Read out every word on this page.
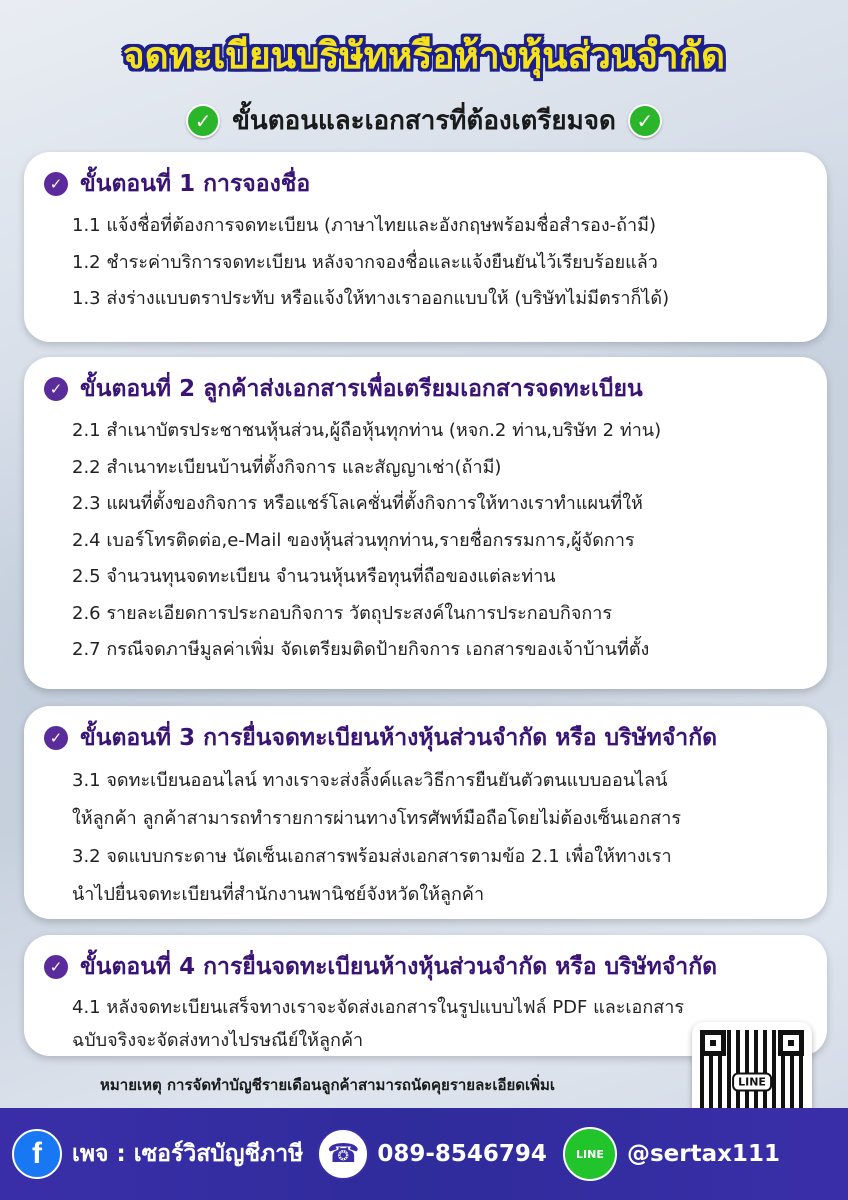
จดทะเบียนบริษัทหรือห้างหุ้นส่วนจำกัด
✓ ขั้นตอนและเอกสารที่ต้องเตรียมจด	✓
✓ ขั้นตอนที่ 1 การจองชื่อ
1.1 แจ้งชื่อที่ต้องการจดทะเบียน (ภาษาไทยและอังกฤษพร้อมชื่อสำรอง-ถ้ามี)
1.2 ชำระค่าบริการจดทะเบียน หลังจากจองชื่อและแจ้งยืนยันไว้เรียบร้อยแล้ว
1.3 ส่งร่างแบบตราประทับ หรือแจ้งให้ทางเราออกแบบให้ (บริษัทไม่มีตราก็ได้)
✓ ขั้นตอนที่ 2 ลูกค้าส่งเอกสารเพื่อเตรียมเอกสารจดทะเบียน
2.1 สำเนาบัตรประชาชนหุ้นส่วน,ผู้ถือหุ้นทุกท่าน (หจก.2 ท่าน,บริษัท 2 ท่าน)
2.2 สำเนาทะเบียนบ้านที่ตั้งกิจการ และสัญญาเช่า(ถ้ามี)
2.3 แผนที่ตั้งของกิจการ หรือแชร์โลเคชั่นที่ตั้งกิจการให้ทางเราทำแผนที่ให้
2.4 เบอร์โทรติดต่อ,e-Mail ของหุ้นส่วนทุกท่าน,รายชื่อกรรมการ,ผู้จัดการ
2.5 จำนวนทุนจดทะเบียน จำนวนหุ้นหรือทุนที่ถือของแต่ละท่าน
2.6 รายละเอียดการประกอบกิจการ วัตถุประสงค์ในการประกอบกิจการ
2.7 กรณีจดภาษีมูลค่าเพิ่ม จัดเตรียมติดป้ายกิจการ เอกสารของเจ้าบ้านที่ตั้ง
✓ ขั้นตอนที่ 3 การยื่นจดทะเบียนห้างหุ้นส่วนจำกัด หรือ บริษัทจำกัด
3.1 จดทะเบียนออนไลน์ ทางเราจะส่งลิ้งค์และวิธีการยืนยันตัวตนแบบออนไลน์
ให้ลูกค้า ลูกค้าสามารถทำรายการผ่านทางโทรศัพท์มือถือโดยไม่ต้องเซ็นเอกสาร
3.2 จดแบบกระดาษ นัดเซ็นเอกสารพร้อมส่งเอกสารตามข้อ 2.1 เพื่อให้ทางเรา
นำไปยื่นจดทะเบียนที่สำนักงานพานิชย์จังหวัดให้ลูกค้า
✓ ขั้นตอนที่ 4 การยื่นจดทะเบียนห้างหุ้นส่วนจำกัด หรือ บริษัทจำกัด
4.1 หลังจดทะเบียนเสร็จทางเราจะจัดส่งเอกสารในรูปแบบไฟล์ PDF และเอกสาร
ฉบับจริงจะจัดส่งทางไปรษณีย์ให้ลูกค้า
หมายเหตุ การจัดทำบัญชีรายเดือนลูกค้าสามารถนัดคุยรายละเอียดเพิ่มเ	LINE
f	เพจ : เซอร์วิสบัญชีภาษี ☎ 089-8546794	LINE	@sertax111
